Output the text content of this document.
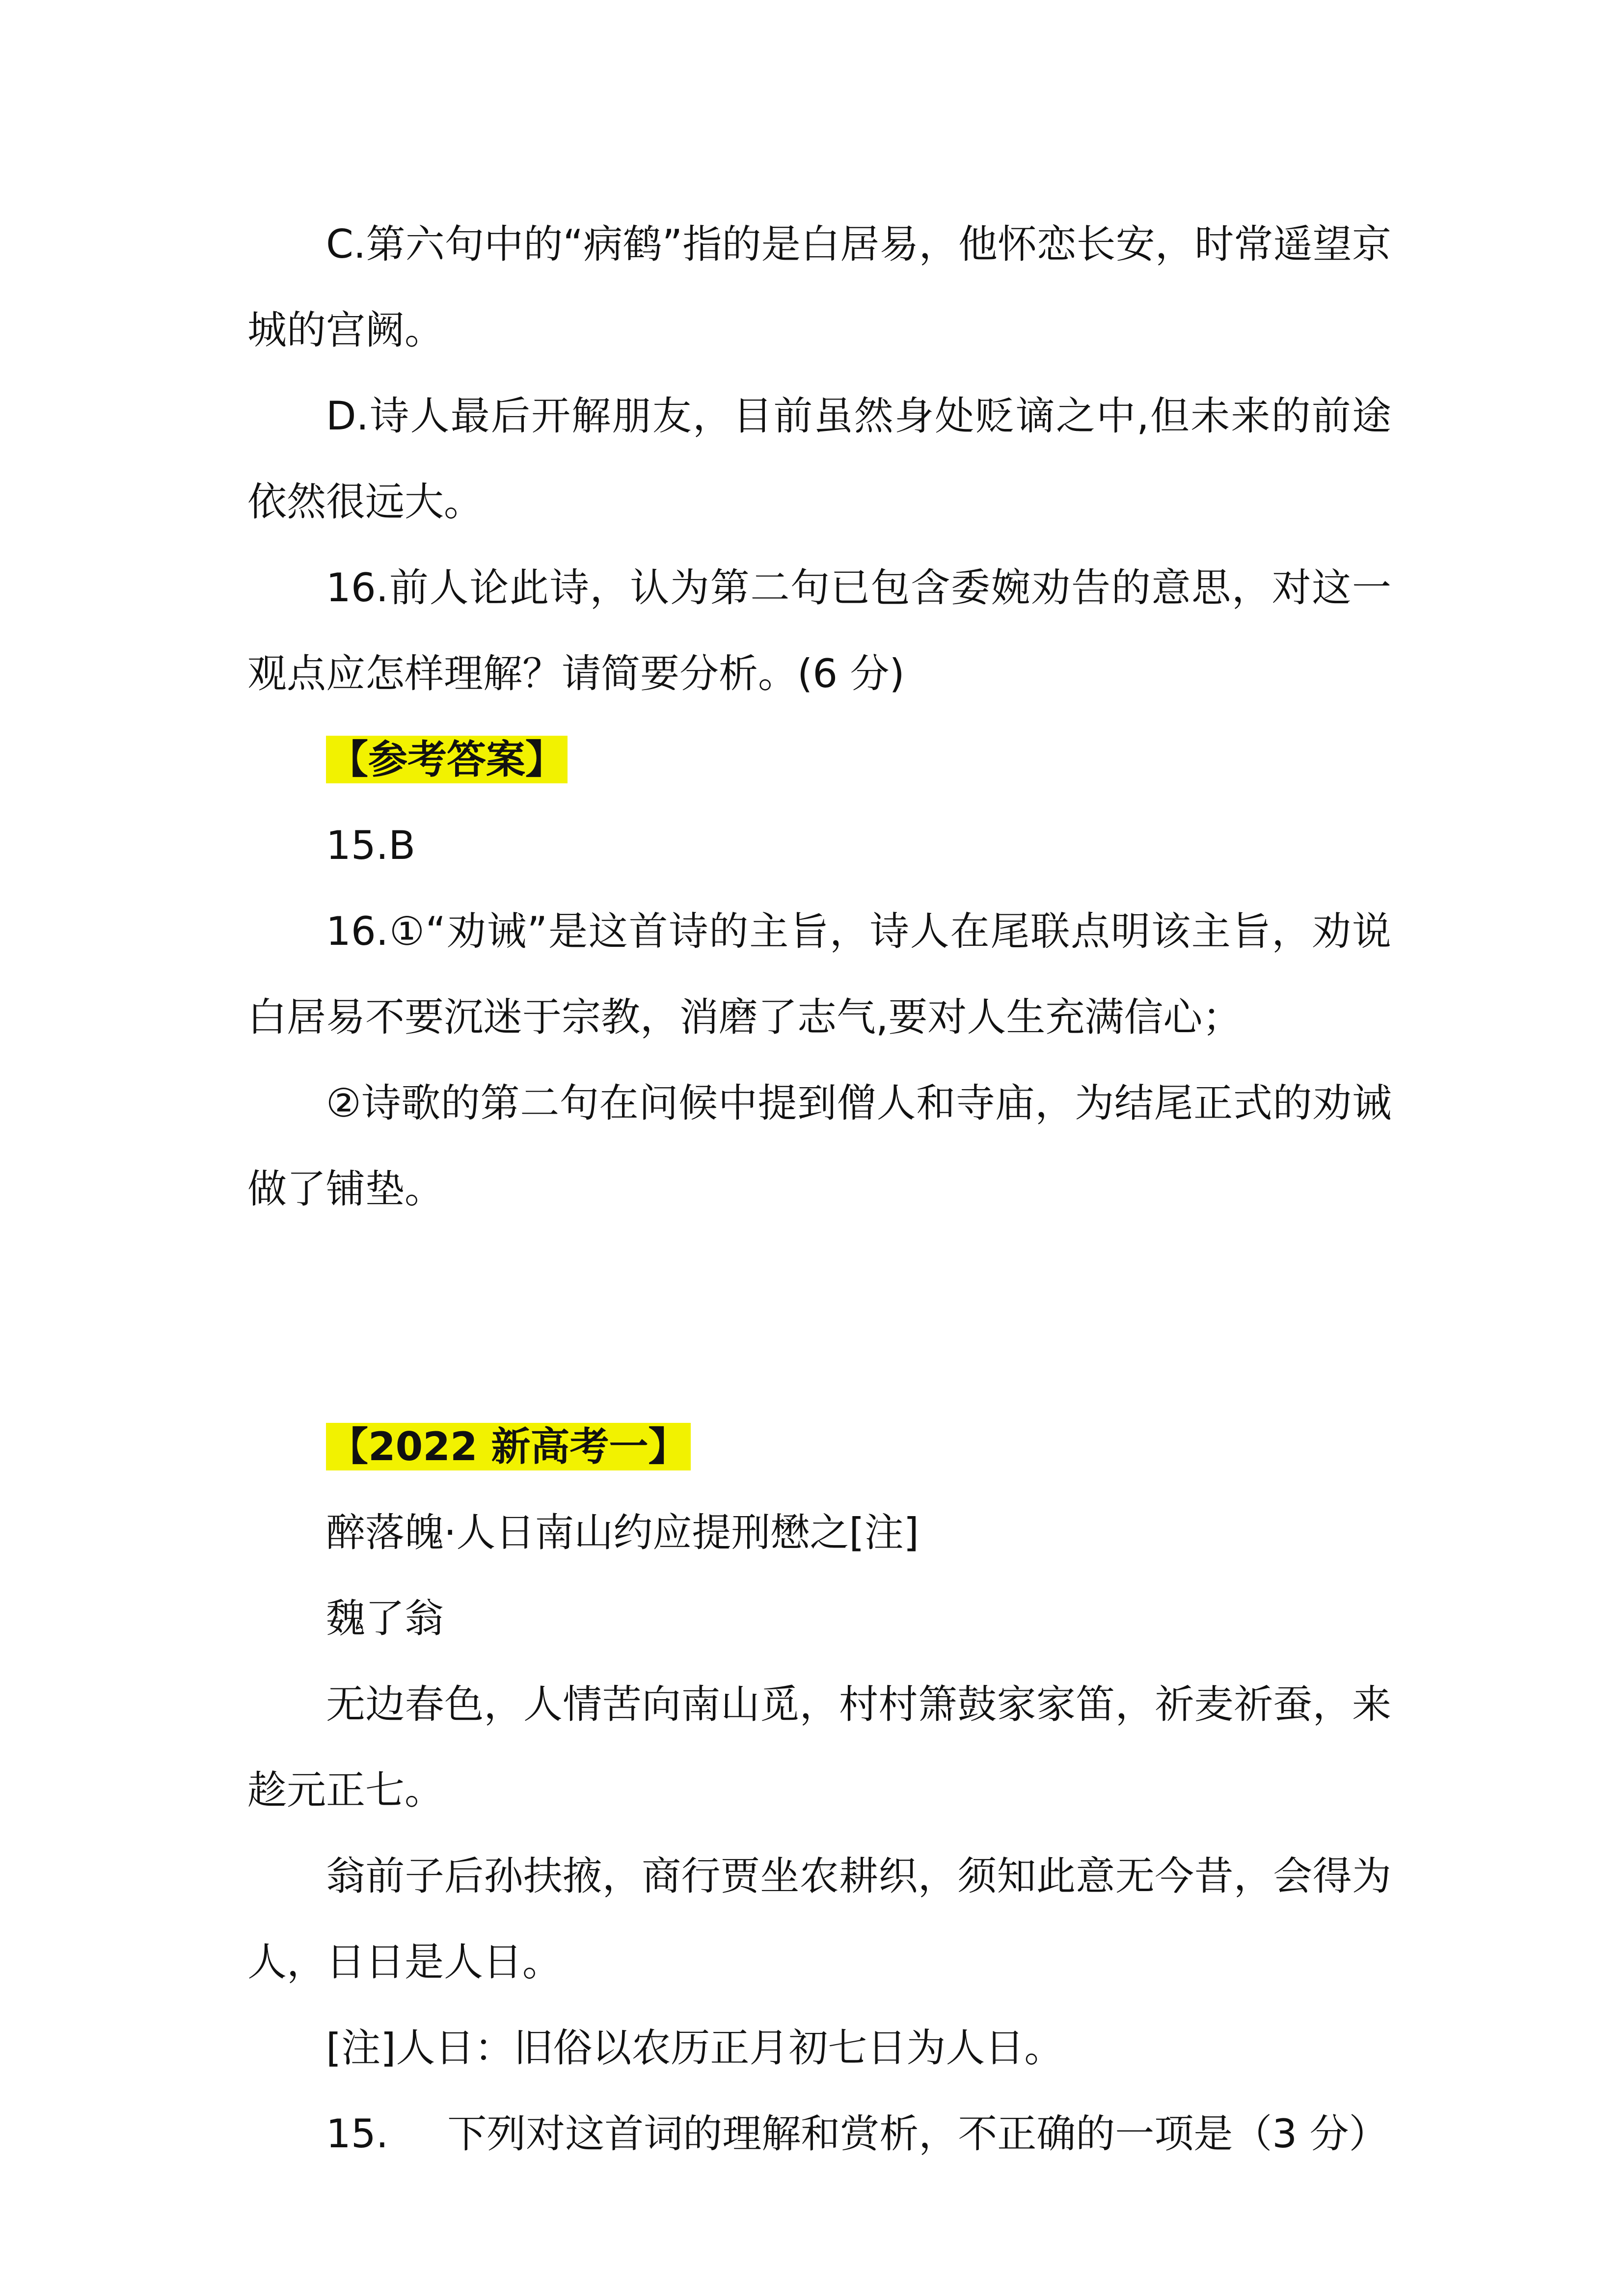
C.第六句中的“病鹤”指的是白居易，他怀恋长安，时常遥望京城的宫阙。

D.诗人最后开解朋友，目前虽然身处贬谪之中,但未来的前途依然很远大。

16.前人论此诗，认为第二句已包含委婉劝告的意思，对这一观点应怎样理解？请简要分析。(6 分)

【参考答案】

15.B

16.①“劝诫”是这首诗的主旨，诗人在尾联点明该主旨，劝说白居易不要沉迷于宗教，消磨了志气,要对人生充满信心；

②诗歌的第二句在问候中提到僧人和寺庙，为结尾正式的劝诫做了铺垫。

【2022 新高考一】

醉落魄·人日南山约应提刑懋之[注]

魏了翁

无边春色，人情苦向南山觅，村村箫鼓家家笛，祈麦祈蚕，来趁元正七。

翁前子后孙扶掖，商行贾坐农耕织，须知此意无今昔，会得为人，日日是人日。

[注]人日：旧俗以农历正月初七日为人日。

15. 下列对这首词的理解和赏析，不正确的一项是（3 分）
